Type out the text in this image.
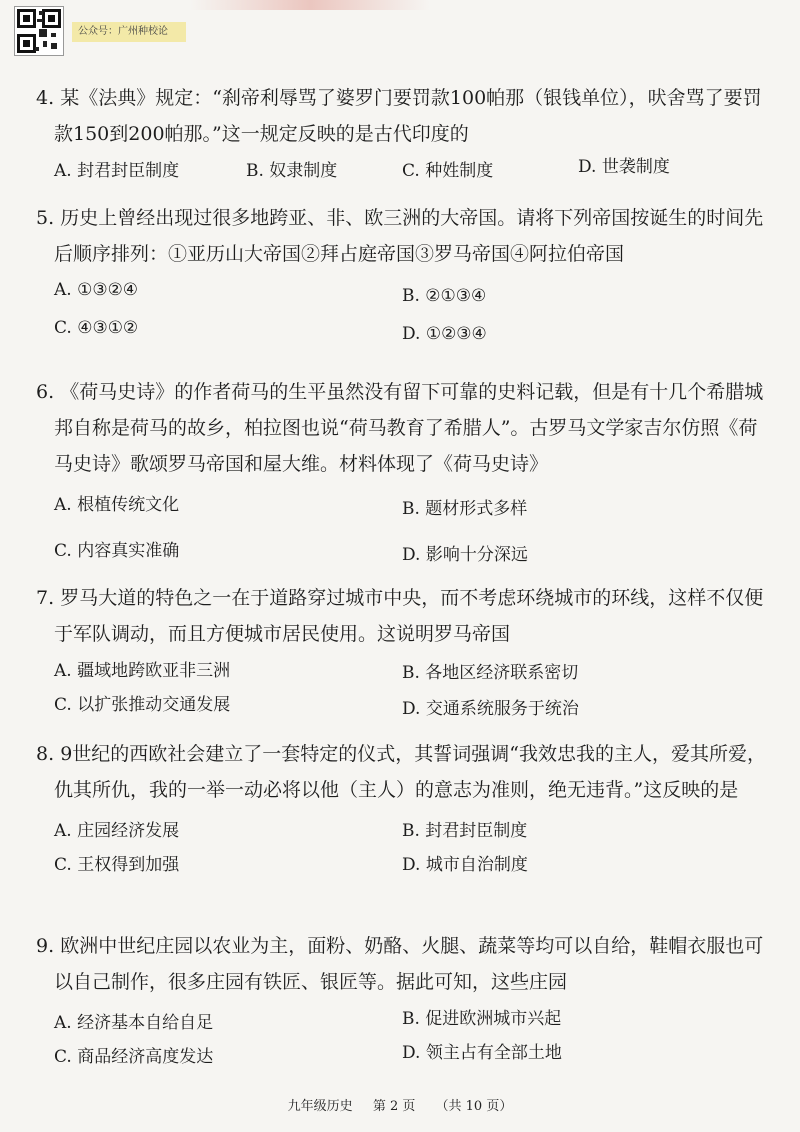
公众号：广州种校论

4. 某《法典》规定：“刹帝利辱骂了婆罗门要罚款100帕那（银钱单位），吠舍骂了要罚款150到200帕那。”这一规定反映的是古代印度的

A. 封君封臣制度	B. 奴隶制度	C. 种姓制度	D. 世袭制度

5. 历史上曾经出现过很多地跨亚、非、欧三洲的大帝国。请将下列帝国按诞生的时间先后顺序排列：①亚历山大帝国②拜占庭帝国③罗马帝国④阿拉伯帝国

A. ①③②④	B. ②①③④
C. ④③①②	D. ①②③④

6. 《荷马史诗》的作者荷马的生平虽然没有留下可靠的史料记载，但是有十几个希腊城邦自称是荷马的故乡，柏拉图也说“荷马教育了希腊人”。古罗马文学家吉尔仿照《荷马史诗》歌颂罗马帝国和屋大维。材料体现了《荷马史诗》

A. 根植传统文化	B. 题材形式多样
C. 内容真实准确	D. 影响十分深远

7. 罗马大道的特色之一在于道路穿过城市中央，而不考虑环绕城市的环线，这样不仅便于军队调动，而且方便城市居民使用。这说明罗马帝国

A. 疆域地跨欧亚非三洲	B. 各地区经济联系密切
C. 以扩张推动交通发展	D. 交通系统服务于统治

8. 9世纪的西欧社会建立了一套特定的仪式，其誓词强调“我效忠我的主人，爱其所爱，仇其所仇，我的一举一动必将以他（主人）的意志为准则，绝无违背。”这反映的是

A. 庄园经济发展	B. 封君封臣制度
C. 王权得到加强	D. 城市自治制度

9. 欧洲中世纪庄园以农业为主，面粉、奶酪、火腿、蔬菜等均可以自给，鞋帽衣服也可以自己制作，很多庄园有铁匠、银匠等。据此可知，这些庄园

A. 经济基本自给自足	B. 促进欧洲城市兴起
C. 商品经济高度发达	D. 领主占有全部土地
九年级历史 第 2 页 （共 10 页）
